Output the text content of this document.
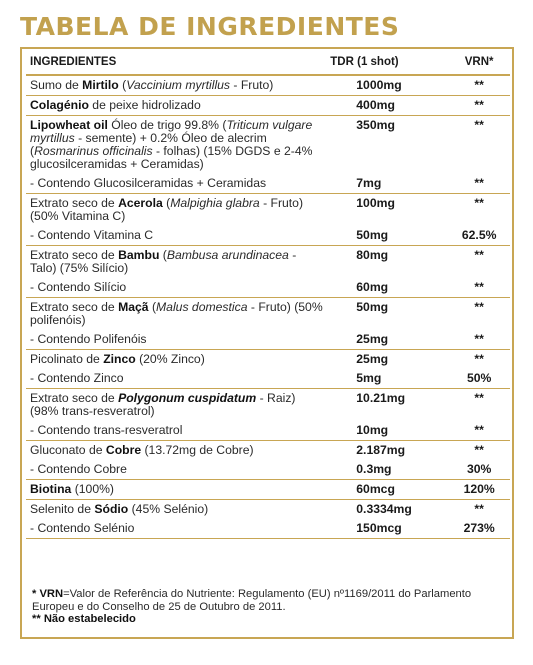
TABELA DE INGREDIENTES
INGREDIENTES	TDR (1 shot)	VRN*
Sumo de Mirtilo (Vaccinium myrtillus - Fruto)	1000mg	**
Colagénio de peixe hidrolizado	400mg	**
Lipowheat oil Óleo de trigo 99.8% (Triticum vulgare myrtillus - semente) + 0.2% Óleo de alecrim (Rosmarinus officinalis - folhas) (15% DGDS e 2-4% glucosilceramidas + Ceramidas)	350mg	**
- Contendo Glucosilceramidas + Ceramidas	7mg	**
Extrato seco de Acerola (Malpighia glabra - Fruto) (50% Vitamina C)	100mg	**
- Contendo Vitamina C	50mg	62.5%
Extrato seco de Bambu (Bambusa arundinacea - Talo) (75% Silício)	80mg	**
- Contendo Silício	60mg	**
Extrato seco de Maçã (Malus domestica - Fruto) (50% polifenóis)	50mg	**
- Contendo Polifenóis	25mg	**
Picolinato de Zinco (20% Zinco)	25mg	**
- Contendo Zinco	5mg	50%
Extrato seco de Polygonum cuspidatum - Raiz) (98% trans-resveratrol)	10.21mg	**
- Contendo trans-resveratrol	10mg	**
Gluconato de Cobre (13.72mg de Cobre)	2.187mg	**
- Contendo Cobre	0.3mg	30%
Biotina (100%)	60mcg	120%
Selenito de Sódio (45% Selénio)	0.3334mg	**
- Contendo Selénio	150mcg	273%

* VRN=Valor de Referência do Nutriente: Regulamento (EU) nº1169/2011 do Parlamento Europeu e do Conselho de 25 de Outubro de 2011.
** Não estabelecido
